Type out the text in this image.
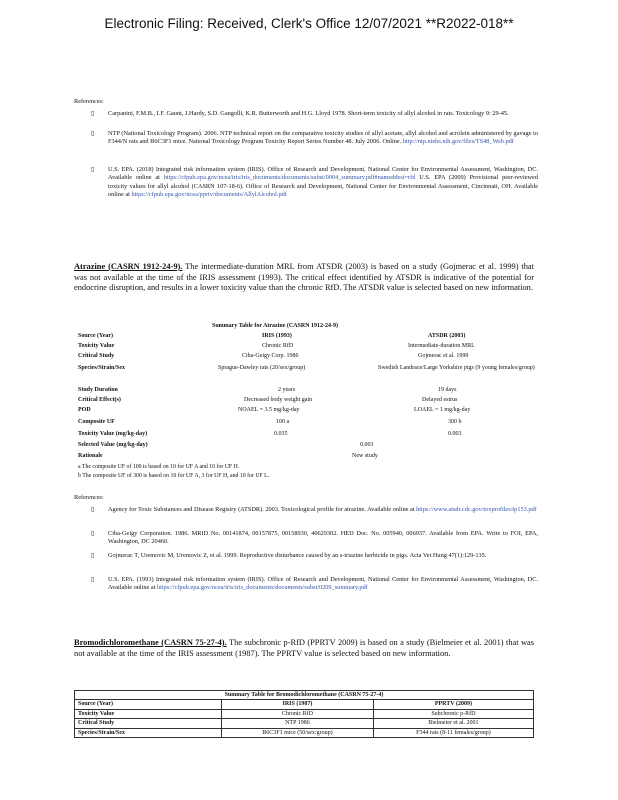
Electronic Filing: Received, Clerk's Office 12/07/2021 **R2022-018**
References:
▯ Carpanini, F.M.B., I.F. Gaunt, J.Hardy, S.D. Gangolli, K.R. Butterworth and H.G. Lloyd 1978. Short-term toxicity of allyl alcohol in rats. Toxicology 9: 29-45.
▯ NTP (National Toxicology Program). 2006. NTP technical report on the comparative toxicity studies of allyl acetate, allyl alcohol and acrolein administered by gavage to F344/N rats and B6C3F1 mice. National Toxicology Program Toxicity Report Series Number 48. July 2006. Online. http://ntp.niehs.nih.gov/files/TS48_Web.pdf
▯ U.S. EPA. (2018) Integrated risk information system (IRIS). Office of Research and Development, National Center for Environmental Assessment, Washington, DC. Available online at https://cfpub.epa.gov/ncea/iris/iris_documents/documents/subst/0004_summary.pdf#nameddest=rfd U.S. EPA (2009) Provisional peer-reviewed toxicity values for allyl alcohol (CASRN 107-18-6). Office of Research and Development, National Center for Environmental Assessment, Cincinnati, OH. Available online at https://cfpub.epa.gov/ncea/pprtv/documents/AllylAlcohol.pdf
Atrazine (CASRN 1912-24-9). The intermediate-duration MRL from ATSDR (2003) is based on a study (Gojmerac et al. 1999) that was not available at the time of the IRIS assessment (1993). The critical effect identified by ATSDR is indicative of the potential for endocrine disruption, and results in a lower toxicity value than the chronic RfD. The ATSDR value is selected based on new information.
Summary Table for Atrazine (CASRN 1912-24-9)
Source (Year)	IRIS (1993)	ATSDR (2003)
Toxicity Value	Chronic RfD	Intermediate-duration MRL
Critical Study	Ciba-Geigy Corp. 1986	Gojmerac et al. 1999
Species/Strain/Sex	Sprague-Dawley rats (20/sex/group)	Swedish Landrace/Large Yorkshire pigs (9 young females/group)
Study Duration	2 years	19 days
Critical Effect(s)	Decreased body weight gain	Delayed estrus
POD	NOAEL = 3.5 mg/kg-day	LOAEL = 1 mg/kg-day
Composite UF	100 a	300 b
Toxicity Value (mg/kg-day)	0.035	0.003
Selected Value (mg/kg-day)	0.003
Rationale	New study
a The composite UF of 100 is based on 10 for UF A and 10 for UF H.
b The composite UF of 300 is based on 10 for UF A, 3 for UF H, and 10 for UF L.
References:
▯ Agency for Toxic Substances and Disease Registry (ATSDR). 2003. Toxicological profile for atrazine. Available online at https://www.atsdr.cdc.gov/toxprofiles/tp153.pdf
▯ Ciba-Geigy Corporation. 1986. MRID No. 00141874, 00157875, 00158930, 40629302. HED Doc. No. 005940, 006937. Available from EPA. Write to FOI, EPA, Washington, DC 20460.
▯ Gojmerac T, Uremovic M, Uremovic Z, et al. 1999. Reproductive disturbance caused by an s-triazine herbicide in pigs. Acta Vet Hung 47(1):129-135.
▯ U.S. EPA. (1993) Integrated risk information system (IRIS). Office of Research and Development, National Center for Environmental Assessment, Washington, DC. Available online at https://cfpub.epa.gov/ncea/iris/iris_documents/documents/subst/0209_summary.pdf
Bromodichloromethane (CASRN 75-27-4). The subchronic p-RfD (PPRTV 2009) is based on a study (Bielmeier et al. 2001) that was not available at the time of the IRIS assessment (1987). The PPRTV value is selected based on new information.
Summary Table for Bromodichloromethane (CASRN 75-27-4)		
Source (Year)	IRIS (1987)	PPRTV (2009)
Toxicity Value	Chronic RfD	Subchronic p-RfD
Critical Study	NTP 1986	Bielmeier et al. 2001
Species/Strain/Sex	B6C3F1 mice (50/sex/group)	F344 rats (8-11 females/group)
